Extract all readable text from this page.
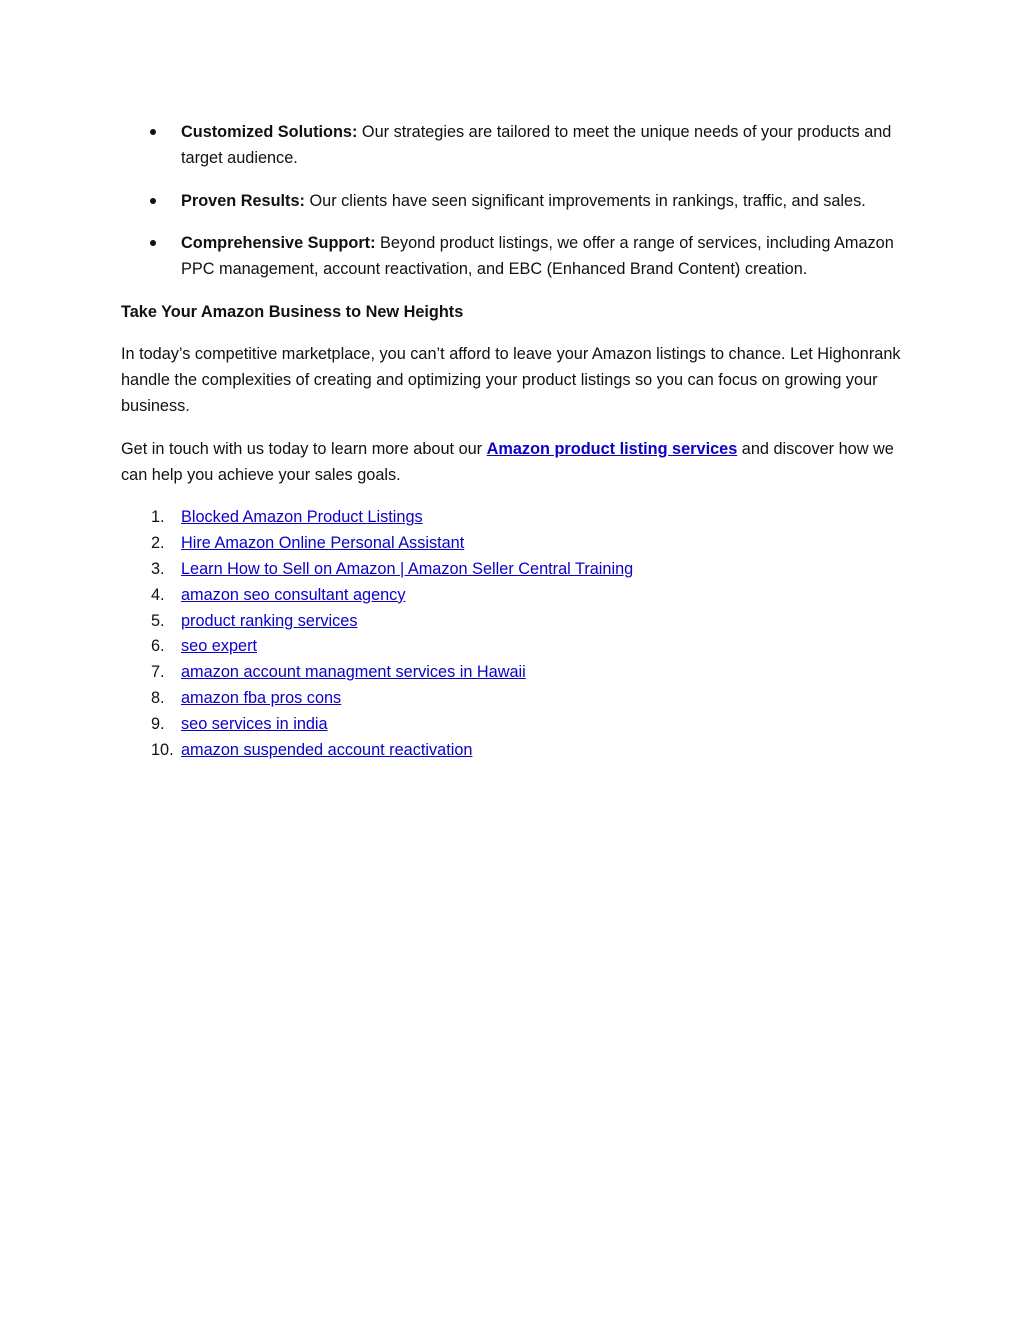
Customized Solutions: Our strategies are tailored to meet the unique needs of your products and target audience.
Proven Results: Our clients have seen significant improvements in rankings, traffic, and sales.
Comprehensive Support: Beyond product listings, we offer a range of services, including Amazon PPC management, account reactivation, and EBC (Enhanced Brand Content) creation.

Take Your Amazon Business to New Heights

In today’s competitive marketplace, you can’t afford to leave your Amazon listings to chance. Let Highonrank handle the complexities of creating and optimizing your product listings so you can focus on growing your business.

Get in touch with us today to learn more about our Amazon product listing services and discover how we can help you achieve your sales goals.

1. Blocked Amazon Product Listings
2. Hire Amazon Online Personal Assistant
3. Learn How to Sell on Amazon | Amazon Seller Central Training
4. amazon seo consultant agency
5. product ranking services
6. seo expert
7. amazon account managment services in Hawaii
8. amazon fba pros cons
9. seo services in india
10. amazon suspended account reactivation
